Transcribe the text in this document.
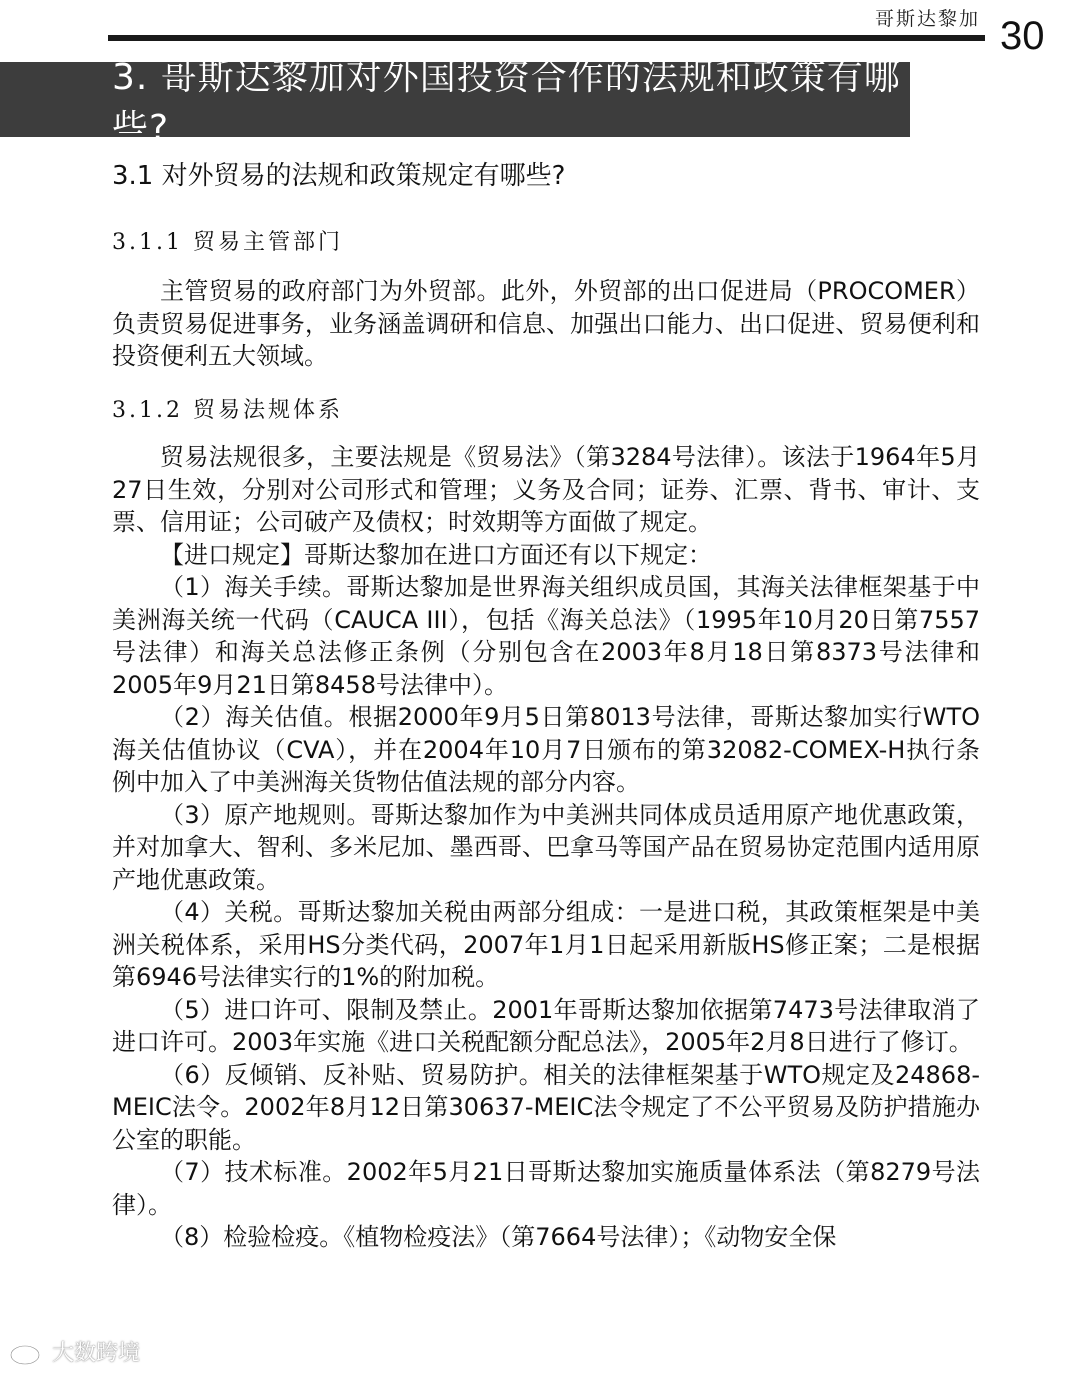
哥斯达黎加 30
3. 哥斯达黎加对外国投资合作的法规和政策有哪些?
3.1 对外贸易的法规和政策规定有哪些?
3.1.1 贸易主管部门

主管贸易的政府部门为外贸部。此外，外贸部的出口促进局（PROCOMER）负责贸易促进事务，业务涵盖调研和信息、加强出口能力、出口促进、贸易便利和投资便利五大领域。

3.1.2 贸易法规体系

贸易法规很多，主要法规是《贸易法》（第3284号法律）。该法于1964年5月27日生效，分别对公司形式和管理；义务及合同；证券、汇票、背书、审计、支票、信用证；公司破产及债权；时效期等方面做了规定。

【进口规定】哥斯达黎加在进口方面还有以下规定：

（1）海关手续。哥斯达黎加是世界海关组织成员国，其海关法律框架基于中美洲海关统一代码（CAUCA III），包括《海关总法》（1995年10月20日第7557号法律）和海关总法修正条例（分别包含在2003年8月18日第8373号法律和2005年9月21日第8458号法律中）。

（2）海关估值。根据2000年9月5日第8013号法律，哥斯达黎加实行WTO海关估值协议（CVA），并在2004年10月7日颁布的第32082-COMEX-H执行条例中加入了中美洲海关货物估值法规的部分内容。

（3）原产地规则。哥斯达黎加作为中美洲共同体成员适用原产地优惠政策，并对加拿大、智利、多米尼加、墨西哥、巴拿马等国产品在贸易协定范围内适用原产地优惠政策。

（4）关税。哥斯达黎加关税由两部分组成：一是进口税，其政策框架是中美洲关税体系，采用HS分类代码，2007年1月1日起采用新版HS修正案；二是根据第6946号法律实行的1%的附加税。

（5）进口许可、限制及禁止。2001年哥斯达黎加依据第7473号法律取消了进口许可。2003年实施《进口关税配额分配总法》，2005年2月8日进行了修订。

（6）反倾销、反补贴、贸易防护。相关的法律框架基于WTO规定及24868-MEIC法令。2002年8月12日第30637-MEIC法令规定了不公平贸易及防护措施办公室的职能。

（7）技术标准。2002年5月21日哥斯达黎加实施质量体系法（第8279号法律）。

（8）检验检疫。《植物检疫法》（第7664号法律）；《动物安全保

大数跨境
